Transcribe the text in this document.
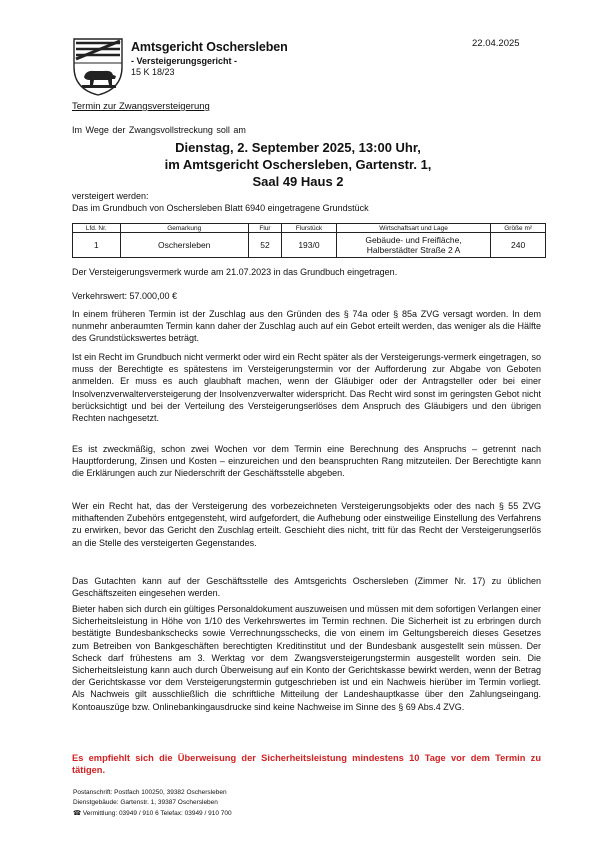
Amtsgericht Oschersleben
- Versteigerungsgericht -
15 K 18/23
22.04.2025
Termin zur Zwangsversteigerung
Im Wege der Zwangsvollstreckung soll am
Dienstag, 2. September 2025, 13:00 Uhr,
im Amtsgericht Oschersleben, Gartenstr. 1,
Saal 49 Haus 2
versteigert werden:
Das im Grundbuch von Oschersleben Blatt 6940 eingetragene Grundstück
Lfd. Nr.	Gemarkung	Flur	Flurstück	Wirtschaftsart und Lage	Größe m²
1	Oschersleben	52	193/0	Gebäude- und Freifläche,
Halberstädter Straße 2 A	240

Der Versteigerungsvermerk wurde am 21.07.2023 in das Grundbuch eingetragen.

Verkehrswert: 57.000,00 €

In einem früheren Termin ist der Zuschlag aus den Gründen des § 74a oder § 85a ZVG versagt worden. In dem nunmehr anberaumten Termin kann daher der Zuschlag auch auf ein Gebot erteilt werden, das weniger als die Hälfte des Grundstückswertes beträgt.

Ist ein Recht im Grundbuch nicht vermerkt oder wird ein Recht später als der Versteigerungs-vermerk eingetragen, so muss der Berechtigte es spätestens im Versteigerungstermin vor der Aufforderung zur Abgabe von Geboten anmelden. Er muss es auch glaubhaft machen, wenn der Gläubiger oder der Antragsteller oder bei einer Insolvenzverwalterversteigerung der Insolvenzverwalter widerspricht. Das Recht wird sonst im geringsten Gebot nicht berücksichtigt und bei der Verteilung des Versteigerungserlöses dem Anspruch des Gläubigers und den übrigen Rechten nachgesetzt.

Es ist zweckmäßig, schon zwei Wochen vor dem Termin eine Berechnung des Anspruchs – getrennt nach Hauptforderung, Zinsen und Kosten – einzureichen und den beanspruchten Rang mitzuteilen. Der Berechtigte kann die Erklärungen auch zur Niederschrift der Geschäftsstelle abgeben.

Wer ein Recht hat, das der Versteigerung des vorbezeichneten Versteigerungsobjekts oder des nach § 55 ZVG mithaftenden Zubehörs entgegensteht, wird aufgefordert, die Aufhebung oder einstweilige Einstellung des Verfahrens zu erwirken, bevor das Gericht den Zuschlag erteilt. Geschieht dies nicht, tritt für das Recht der Versteigerungserlös an die Stelle des versteigerten Gegenstandes.

Das Gutachten kann auf der Geschäftsstelle des Amtsgerichts Oschersleben (Zimmer Nr. 17) zu üblichen Geschäftszeiten eingesehen werden.

Bieter haben sich durch ein gültiges Personaldokument auszuweisen und müssen mit dem sofortigen Verlangen einer Sicherheitsleistung in Höhe von 1/10 des Verkehrswertes im Termin rechnen. Die Sicherheit ist zu erbringen durch bestätigte Bundesbankschecks sowie Verrechnungsschecks, die von einem im Geltungsbereich dieses Gesetzes zum Betreiben von Bankgeschäften berechtigten Kreditinstitut und der Bundesbank ausgestellt sein müssen. Der Scheck darf frühestens am 3. Werktag vor dem Zwangsversteigerungstermin ausgestellt worden sein. Die Sicherheitsleistung kann auch durch Überweisung auf ein Konto der Gerichtskasse bewirkt werden, wenn der Betrag der Gerichtskasse vor dem Versteigerungstermin gutgeschrieben ist und ein Nachweis hierüber im Termin vorliegt. Als Nachweis gilt ausschließlich die schriftliche Mitteilung der Landeshauptkasse über den Zahlungseingang. Kontoauszüge bzw. Onlinebankingausdrucke sind keine Nachweise im Sinne des § 69 Abs.4 ZVG.

Es empfiehlt sich die Überweisung der Sicherheitsleistung mindestens 10 Tage vor dem Termin zu tätigen.

Postanschrift: Postfach 100250, 39382 Oschersleben
Dienstgebäude: Gartenstr. 1, 39387 Oschersleben
☎ Vermittlung: 03949 / 910 6 Telefax: 03949 / 910 700
